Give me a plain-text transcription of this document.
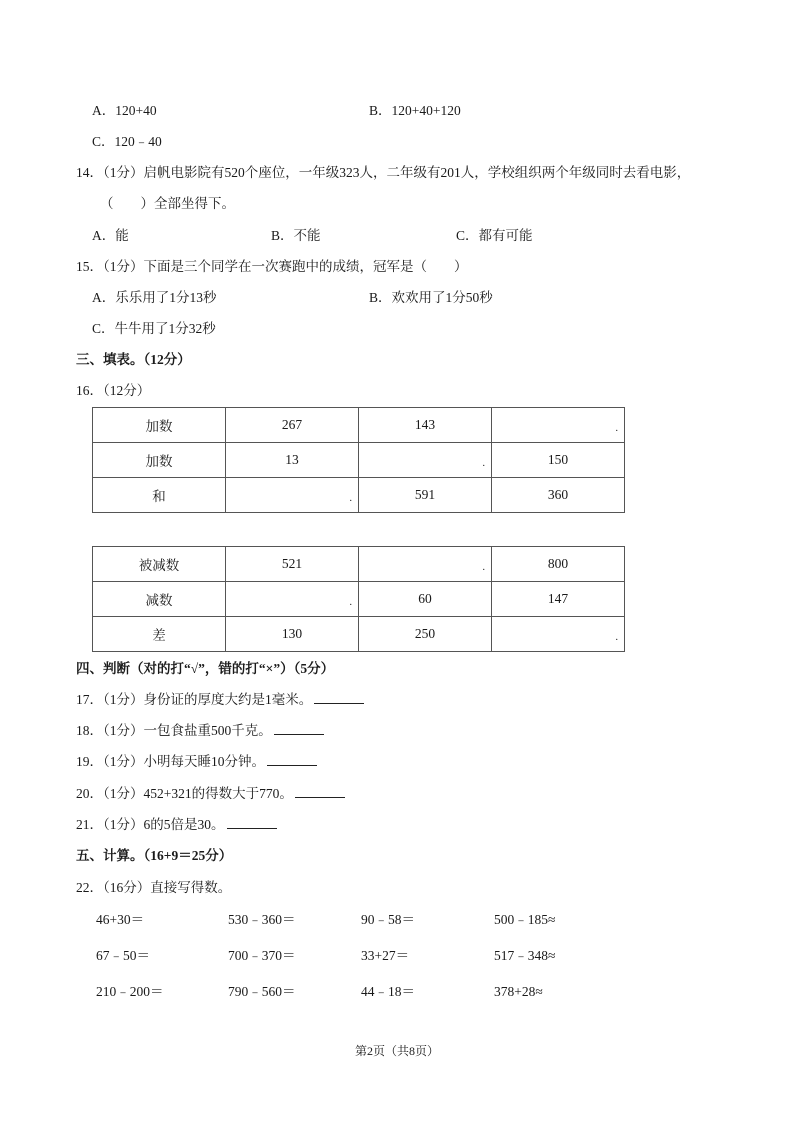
A．120+40	B．120+40+120
C．120﹣40
14．（1分）启帆电影院有520个座位，一年级323人，二年级有201人，学校组织两个年级同时去看电影，
（　　）全部坐得下。
A．能	B．不能	C．都有可能
15．（1分）下面是三个同学在一次赛跑中的成绩，冠军是（　　）
A．乐乐用了1分13秒	B．欢欢用了1分50秒
C．牛牛用了1分32秒
三、填表。（12分）
16．（12分）
加数	267	143	.

加数	13	.	150
和	.	591	360
被减数	521	.	800
减数	.	60	147
差	130	250	.
四、判断（对的打“√”，错的打“×”）（5分）
17．（1分）身份证的厚度大约是1毫米。
18．（1分）一包食盐重500千克。
19．（1分）小明每天睡10分钟。
20．（1分）452+321的得数大于770。
21．（1分）6的5倍是30。
五、计算。（16+9＝25分）
22．（16分）直接写得数。
46+30＝	530﹣360＝	90﹣58＝	500﹣185≈
67﹣50＝	700﹣370＝	33+27＝	517﹣348≈
210﹣200＝	790﹣560＝	44﹣18＝	378+28≈
第2页（共8页）
